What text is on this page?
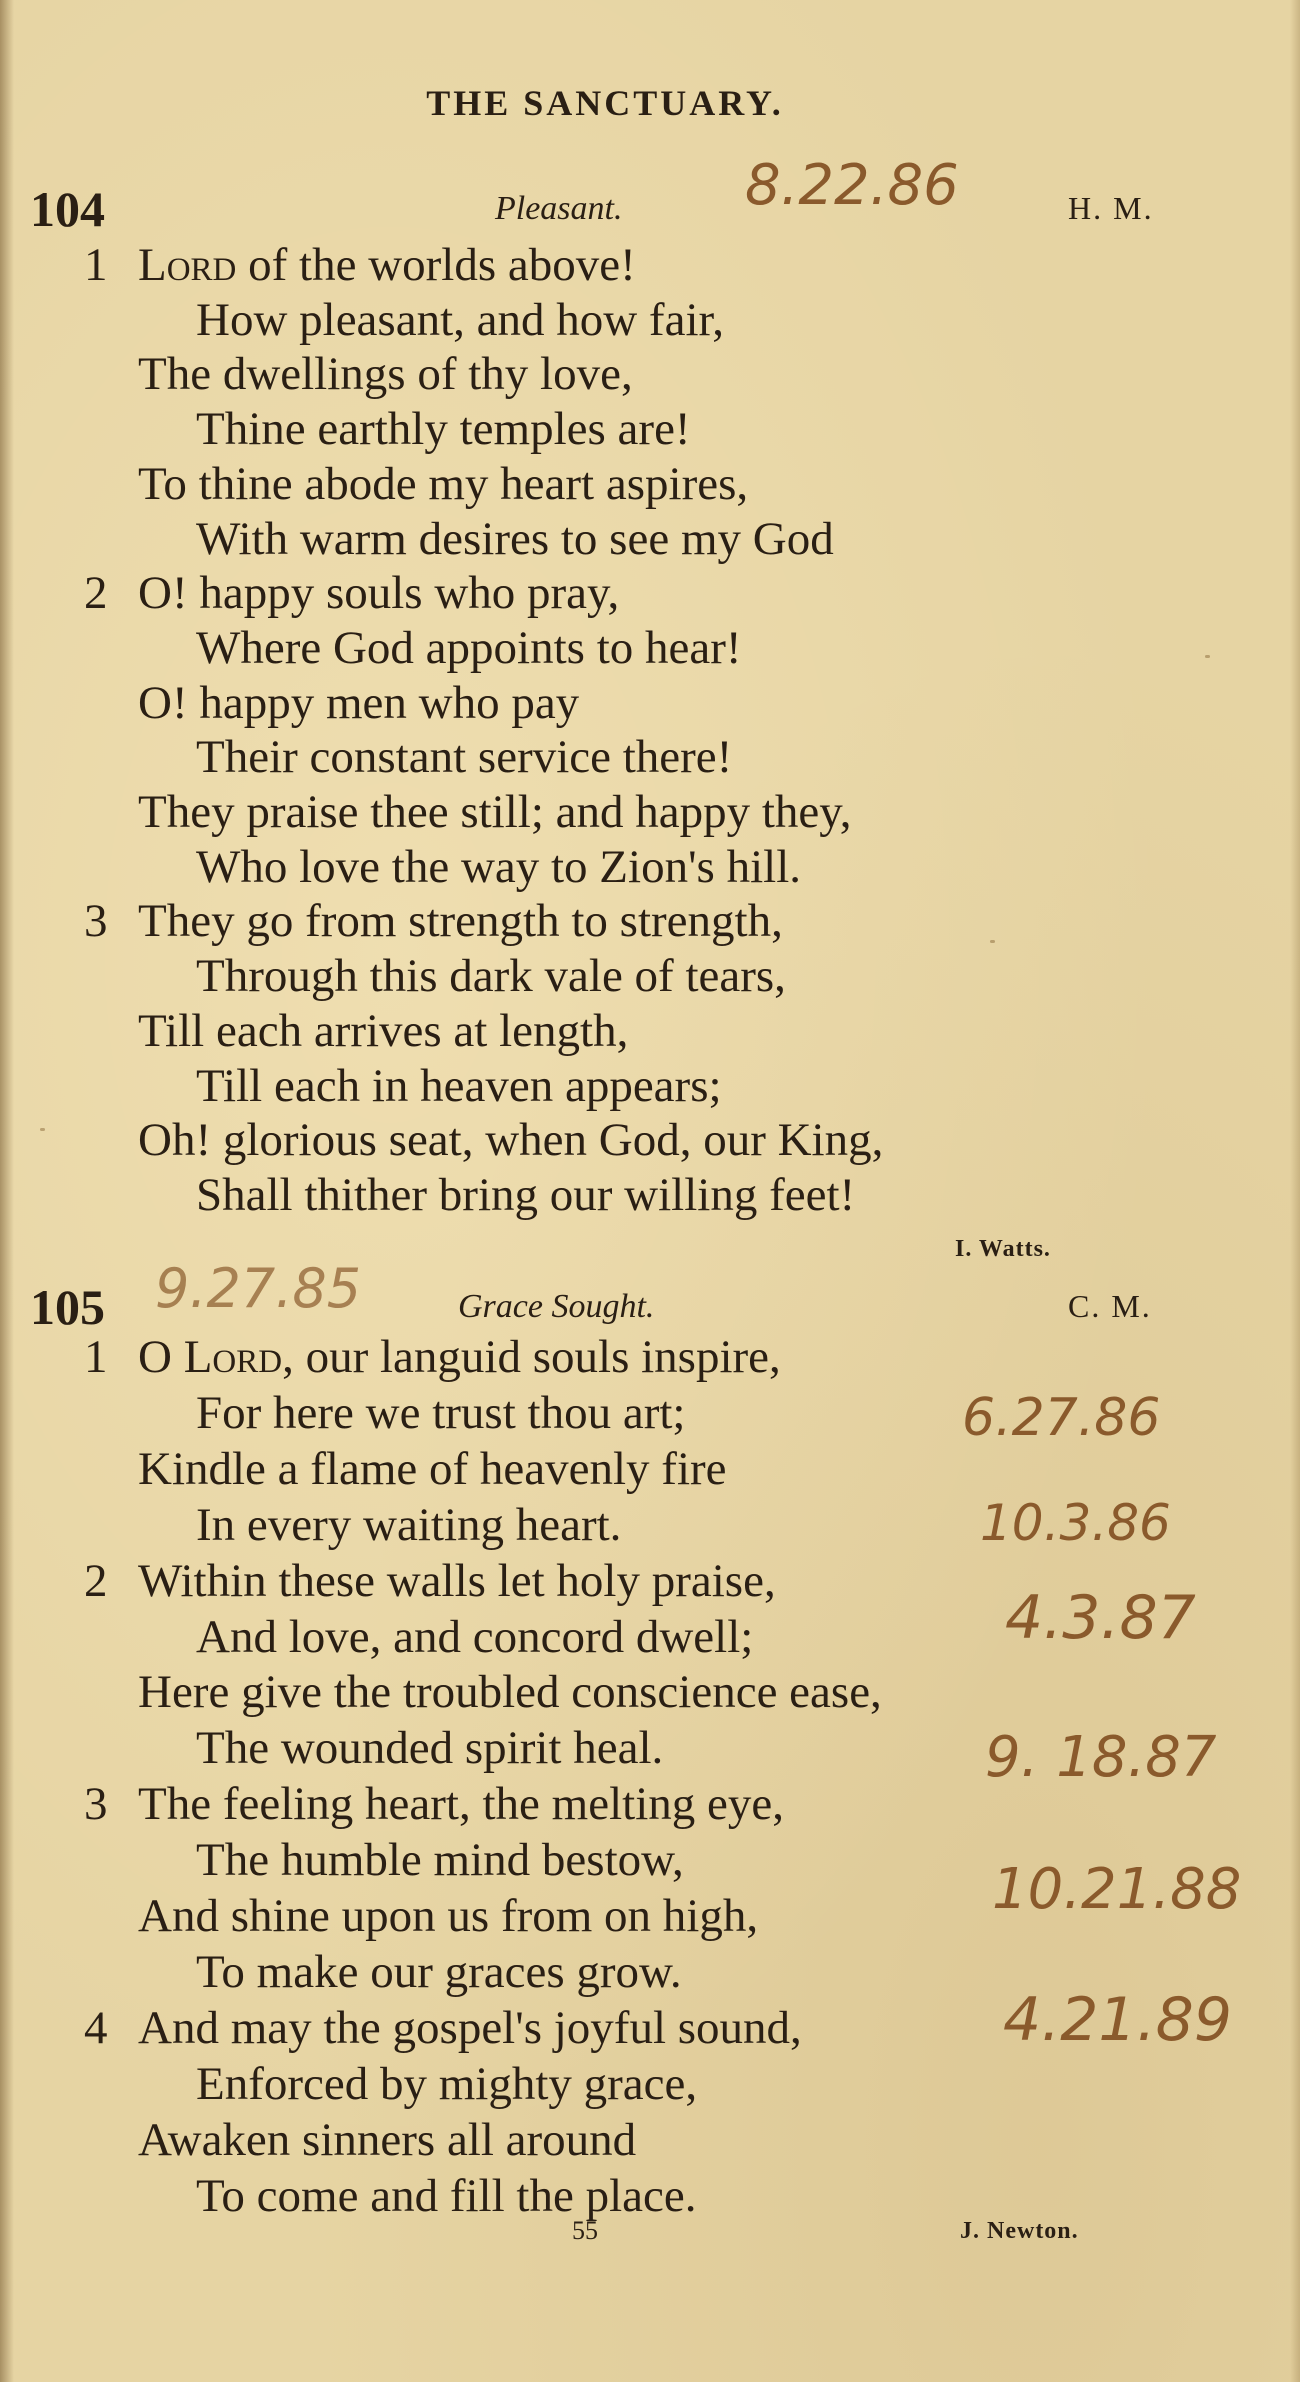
THE SANCTUARY.
104	Pleasant.	H. M.
1 Lord of the worlds above!
How pleasant, and how fair,
The dwellings of thy love,
Thine earthly temples are!
To thine abode my heart aspires,
With warm desires to see my God
2 O! happy souls who pray,
Where God appoints to hear!
O! happy men who pay
Their constant service there!
They praise thee still; and happy they,
Who love the way to Zion's hill.
3 They go from strength to strength,
Through this dark vale of tears,
Till each arrives at length,
Till each in heaven appears;
Oh! glorious seat, when God, our King,
Shall thither bring our willing feet!
I. Watts.
105	Grace Sought.	C. M.
1 O Lord, our languid souls inspire,
For here we trust thou art;
Kindle a flame of heavenly fire
In every waiting heart.
2 Within these walls let holy praise,
And love, and concord dwell;
Here give the troubled conscience ease,
The wounded spirit heal.
3 The feeling heart, the melting eye,
The humble mind bestow,
And shine upon us from on high,
To make our graces grow.
4 And may the gospel's joyful sound,
Enforced by mighty grace,
Awaken sinners all around
To come and fill the place.
J. Newton.
55
8.22.86
9.27.85
6.27.86
10.3.86
4.3.87
9. 18.87
10.21.88
4.21.89
